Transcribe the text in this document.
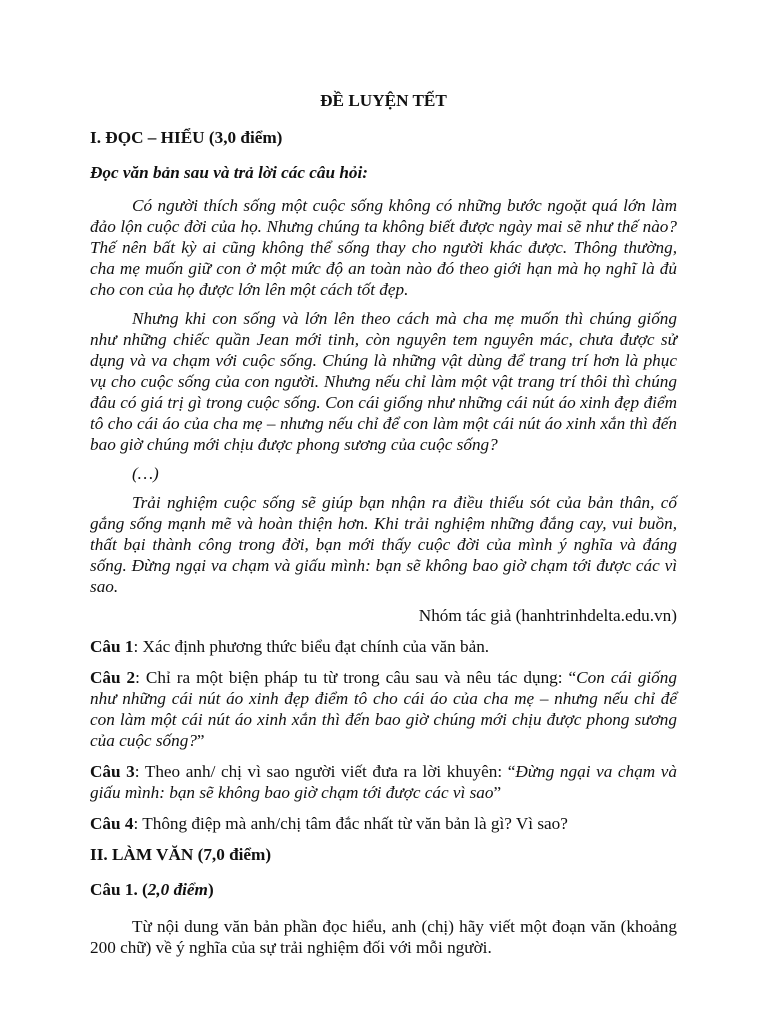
ĐỀ LUYỆN TẾT
I. ĐỌC – HIỂU (3,0 điểm)
Đọc văn bản sau và trả lời các câu hỏi:
Có người thích sống một cuộc sống không có những bước ngoặt quá lớn làm đảo lộn cuộc đời của họ. Nhưng chúng ta không biết được ngày mai sẽ như thế nào? Thế nên bất kỳ ai cũng không thể sống thay cho người khác được. Thông thường, cha mẹ muốn giữ con ở một mức độ an toàn nào đó theo giới hạn mà họ nghĩ là đủ cho con của họ được lớn lên một cách tốt đẹp.
Nhưng khi con sống và lớn lên theo cách mà cha mẹ muốn thì chúng giống như những chiếc quần Jean mới tinh, còn nguyên tem nguyên mác, chưa được sử dụng và va chạm với cuộc sống. Chúng là những vật dùng để trang trí hơn là phục vụ cho cuộc sống của con người. Nhưng nếu chỉ làm một vật trang trí thôi thì chúng đâu có giá trị gì trong cuộc sống. Con cái giống như những cái nút áo xinh đẹp điểm tô cho cái áo của cha mẹ – nhưng nếu chỉ để con làm một cái nút áo xinh xắn thì đến bao giờ chúng mới chịu được phong sương của cuộc sống?
(…)
Trải nghiệm cuộc sống sẽ giúp bạn nhận ra điều thiếu sót của bản thân, cố gắng sống mạnh mẽ và hoàn thiện hơn. Khi trải nghiệm những đắng cay, vui buồn, thất bại thành công trong đời, bạn mới thấy cuộc đời của mình ý nghĩa và đáng sống. Đừng ngại va chạm và giấu mình: bạn sẽ không bao giờ chạm tới được các vì sao.
Nhóm tác giả (hanhtrinhdelta.edu.vn)
Câu 1: Xác định phương thức biểu đạt chính của văn bản.
Câu 2: Chỉ ra một biện pháp tu từ trong câu sau và nêu tác dụng: “Con cái giống như những cái nút áo xinh đẹp điểm tô cho cái áo của cha mẹ – nhưng nếu chỉ để con làm một cái nút áo xinh xắn thì đến bao giờ chúng mới chịu được phong sương của cuộc sống?”
Câu 3: Theo anh/ chị vì sao người viết đưa ra lời khuyên: “Đừng ngại va chạm và giấu mình: bạn sẽ không bao giờ chạm tới được các vì sao”
Câu 4: Thông điệp mà anh/chị tâm đắc nhất từ văn bản là gì? Vì sao?
II. LÀM VĂN (7,0 điểm)
Câu 1. (2,0 điểm)
Từ nội dung văn bản phần đọc hiểu, anh (chị) hãy viết một đoạn văn (khoảng 200 chữ) về ý nghĩa của sự trải nghiệm đối với mỗi người.
